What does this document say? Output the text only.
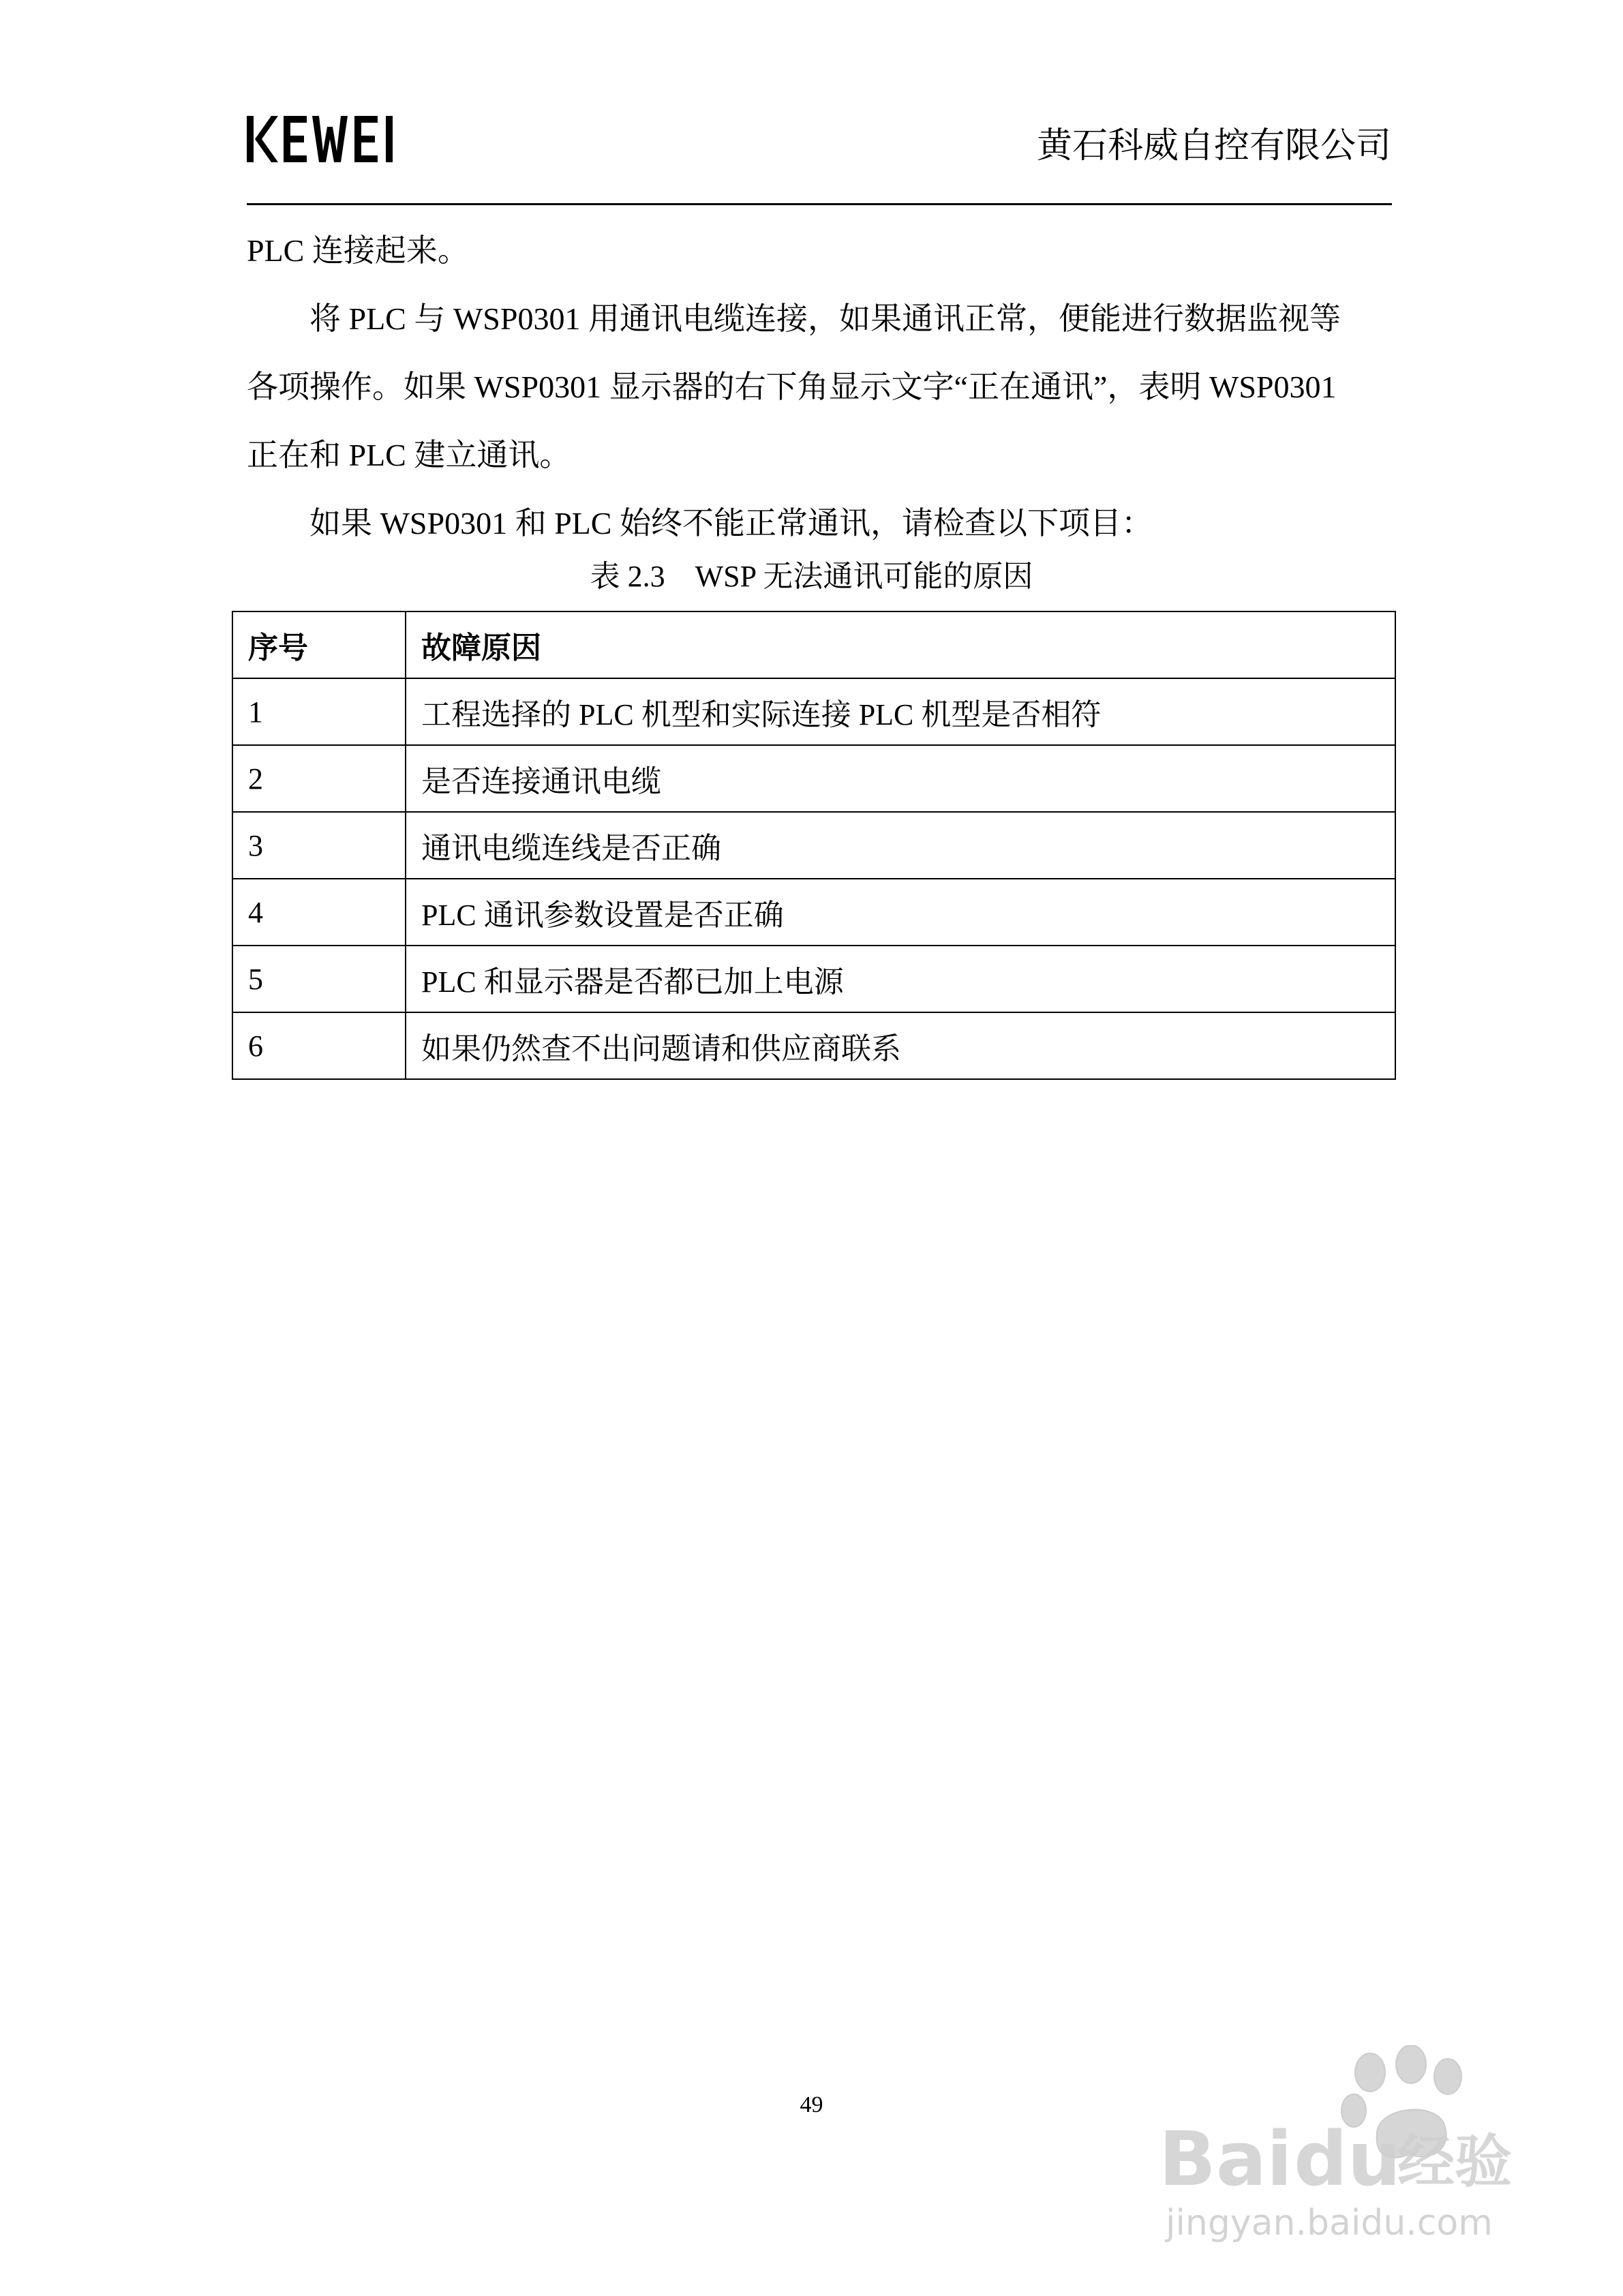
黄石科威自控有限公司

PLC 连接起来。

将 PLC 与 WSP0301 用通讯电缆连接，如果通讯正常，便能进行数据监视等

各项操作。如果 WSP0301 显示器的右下角显示文字“正在通讯”，表明 WSP0301

正在和 PLC 建立通讯。

如果 WSP0301 和 PLC 始终不能正常通讯，请检查以下项目：

表 2.3    WSP 无法通讯可能的原因
序号	故障原因
1	工程选择的 PLC 机型和实际连接 PLC 机型是否相符
2	是否连接通讯电缆
3	通讯电缆连线是否正确
4	PLC 通讯参数设置是否正确
5	PLC 和显示器是否都已加上电源
6	如果仍然查不出问题请和供应商联系
49
Bai du
经验
jingyan.baidu.com
